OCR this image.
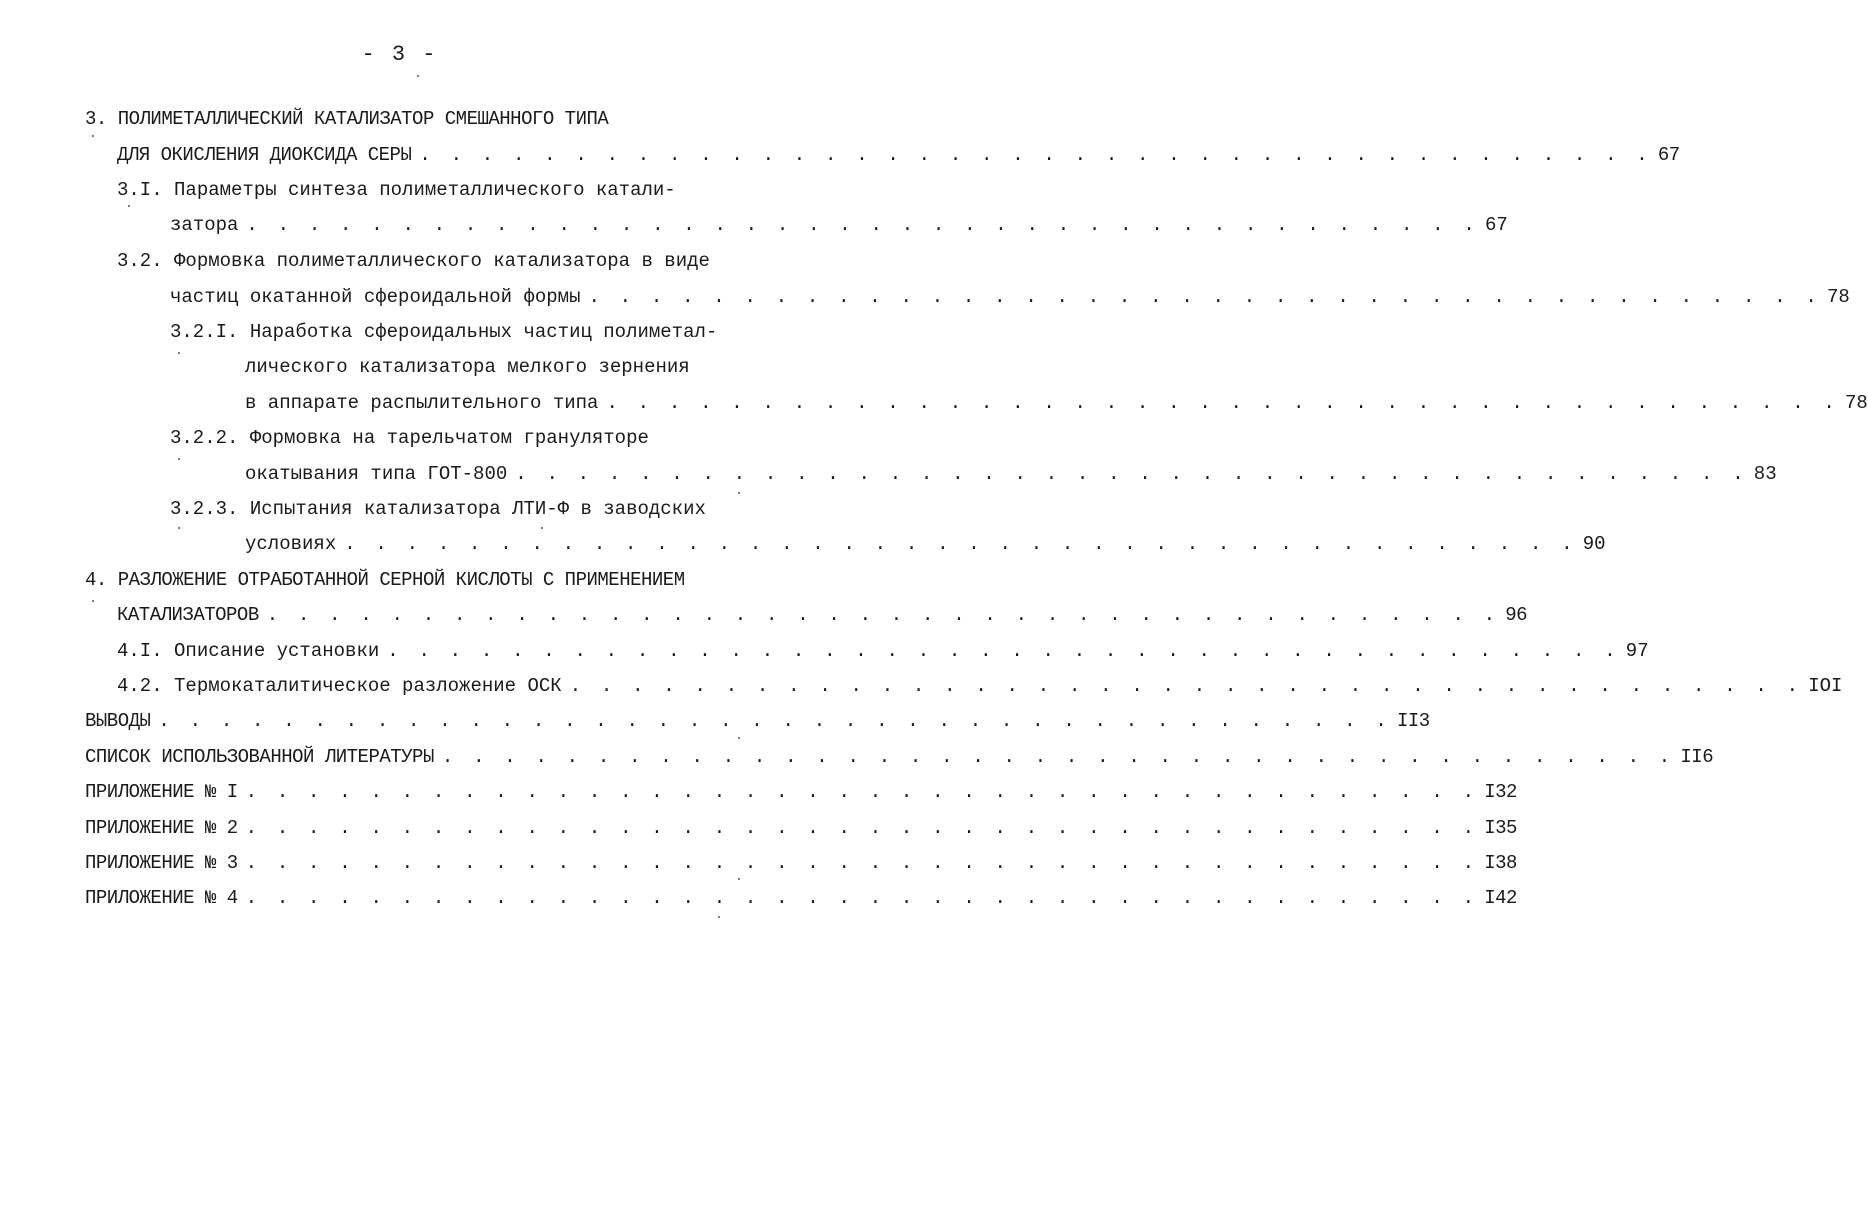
- 3 -
3. ПОЛИМЕТАЛЛИЧЕСКИЙ КАТАЛИЗАТОР СМЕШАННОГО ТИПА
ДЛЯ ОКИСЛЕНИЯ ДИОКСИДА СЕРЫ . . . . . . . . . . . . . . . . . . . . . . . . . . . . . . . . . . . . . . . . 67
3.I. Параметры синтеза полиметаллического катали-
затора . . . . . . . . . . . . . . . . . . . . . . . . . . . . . . . . . . . . . . . . 67
3.2. Формовка полиметаллического катализатора в виде
частиц окатанной сфероидальной формы . . . . . . . . . . . . . . . . . . . . . . . . . . . . . . . . . . . . . . . . 78
3.2.I. Наработка сфероидальных частиц полиметал-
лического катализатора мелкого зернения
в аппарате распылительного типа . . . . . . . . . . . . . . . . . . . . . . . . . . . . . . . . . . . . . . . . 78
3.2.2. Формовка на тарельчатом грануляторе
окатывания типа ГОТ-800 . . . . . . . . . . . . . . . . . . . . . . . . . . . . . . . . . . . . . . . . 83
3.2.3. Испытания катализатора ЛТИ-Ф в заводских
условиях . . . . . . . . . . . . . . . . . . . . . . . . . . . . . . . . . . . . . . . . 90
4. РАЗЛОЖЕНИЕ ОТРАБОТАННОЙ СЕРНОЙ КИСЛОТЫ С ПРИМЕНЕНИЕМ
КАТАЛИЗАТОРОВ . . . . . . . . . . . . . . . . . . . . . . . . . . . . . . . . . . . . . . . . 96
4.I. Описание установки . . . . . . . . . . . . . . . . . . . . . . . . . . . . . . . . . . . . . . . . 97
4.2. Термокаталитическое разложение ОСК . . . . . . . . . . . . . . . . . . . . . . . . . . . . . . . . . . . . . . . . IOI
ВЫВОДЫ . . . . . . . . . . . . . . . . . . . . . . . . . . . . . . . . . . . . . . . . II3
СПИСОК ИСПОЛЬЗОВАННОЙ ЛИТЕРАТУРЫ . . . . . . . . . . . . . . . . . . . . . . . . . . . . . . . . . . . . . . . . II6
ПРИЛОЖЕНИЕ № I . . . . . . . . . . . . . . . . . . . . . . . . . . . . . . . . . . . . . . . . I32
ПРИЛОЖЕНИЕ № 2 . . . . . . . . . . . . . . . . . . . . . . . . . . . . . . . . . . . . . . . . I35
ПРИЛОЖЕНИЕ № 3 . . . . . . . . . . . . . . . . . . . . . . . . . . . . . . . . . . . . . . . . I38
ПРИЛОЖЕНИЕ № 4 . . . . . . . . . . . . . . . . . . . . . . . . . . . . . . . . . . . . . . . . I42
